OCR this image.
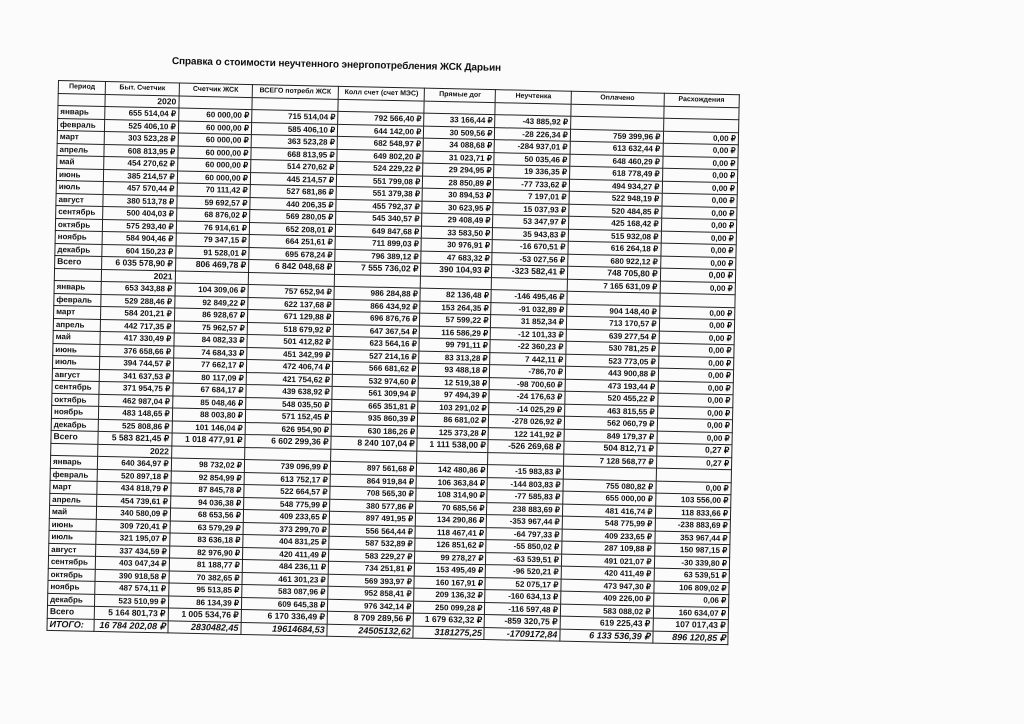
Справка о стоимости неучтенного энергопотребления ЖСК Дарьин
Период	Быт. Счетчик	Счетчик ЖСК	ВСЕГО потребл ЖСК	Колл счет (счет МЭС)	Прямые дог	Неучтенка	Оплачено	Расхождения
	2020							
январь	655 514,04 ₽	60 000,00 ₽	715 514,04 ₽	792 566,40 ₽	33 166,44 ₽	-43 885,92 ₽		
февраль	525 406,10 ₽	60 000,00 ₽	585 406,10 ₽	644 142,00 ₽	30 509,56 ₽	-28 226,34 ₽	759 399,96 ₽	0,00 ₽
март	303 523,28 ₽	60 000,00 ₽	363 523,28 ₽	682 548,97 ₽	34 088,68 ₽	-284 937,01 ₽	613 632,44 ₽	0,00 ₽
апрель	608 813,95 ₽	60 000,00 ₽	668 813,95 ₽	649 802,20 ₽	31 023,71 ₽	50 035,46 ₽	648 460,29 ₽	0,00 ₽
май	454 270,62 ₽	60 000,00 ₽	514 270,62 ₽	524 229,22 ₽	29 294,95 ₽	19 336,35 ₽	618 778,49 ₽	0,00 ₽
июнь	385 214,57 ₽	60 000,00 ₽	445 214,57 ₽	551 799,08 ₽	28 850,89 ₽	-77 733,62 ₽	494 934,27 ₽	0,00 ₽
июль	457 570,44 ₽	70 111,42 ₽	527 681,86 ₽	551 379,38 ₽	30 894,53 ₽	7 197,01 ₽	522 948,19 ₽	0,00 ₽
август	380 513,78 ₽	59 692,57 ₽	440 206,35 ₽	455 792,37 ₽	30 623,95 ₽	15 037,93 ₽	520 484,85 ₽	0,00 ₽
сентябрь	500 404,03 ₽	68 876,02 ₽	569 280,05 ₽	545 340,57 ₽	29 408,49 ₽	53 347,97 ₽	425 168,42 ₽	0,00 ₽
октябрь	575 293,40 ₽	76 914,61 ₽	652 208,01 ₽	649 847,68 ₽	33 583,50 ₽	35 943,83 ₽	515 932,08 ₽	0,00 ₽
ноябрь	584 904,46 ₽	79 347,15 ₽	664 251,61 ₽	711 899,03 ₽	30 976,91 ₽	-16 670,51 ₽	616 264,18 ₽	0,00 ₽
декабрь	604 150,23 ₽	91 528,01 ₽	695 678,24 ₽	796 389,12 ₽	47 683,32 ₽	-53 027,56 ₽	680 922,12 ₽	0,00 ₽
Всего	6 035 578,90 ₽	806 469,78 ₽	6 842 048,68 ₽	7 555 736,02 ₽	390 104,93 ₽	-323 582,41 ₽	748 705,80 ₽	0,00 ₽
	2021						7 165 631,09 ₽	0,00 ₽
январь	653 343,88 ₽	104 309,06 ₽	757 652,94 ₽	986 284,88 ₽	82 136,48 ₽	-146 495,46 ₽		
февраль	529 288,46 ₽	92 849,22 ₽	622 137,68 ₽	866 434,92 ₽	153 264,35 ₽	-91 032,89 ₽	904 148,40 ₽	0,00 ₽
март	584 201,21 ₽	86 928,67 ₽	671 129,88 ₽	696 876,76 ₽	57 599,22 ₽	31 852,34 ₽	713 170,57 ₽	0,00 ₽
апрель	442 717,35 ₽	75 962,57 ₽	518 679,92 ₽	647 367,54 ₽	116 586,29 ₽	-12 101,33 ₽	639 277,54 ₽	0,00 ₽
май	417 330,49 ₽	84 082,33 ₽	501 412,82 ₽	623 564,16 ₽	99 791,11 ₽	-22 360,23 ₽	530 781,25 ₽	0,00 ₽
июнь	376 658,66 ₽	74 684,33 ₽	451 342,99 ₽	527 214,16 ₽	83 313,28 ₽	7 442,11 ₽	523 773,05 ₽	0,00 ₽
июль	394 744,57 ₽	77 662,17 ₽	472 406,74 ₽	566 681,62 ₽	93 488,18 ₽	-786,70 ₽	443 900,88 ₽	0,00 ₽
август	341 637,53 ₽	80 117,09 ₽	421 754,62 ₽	532 974,60 ₽	12 519,38 ₽	-98 700,60 ₽	473 193,44 ₽	0,00 ₽
сентябрь	371 954,75 ₽	67 684,17 ₽	439 638,92 ₽	561 309,94 ₽	97 494,39 ₽	-24 176,63 ₽	520 455,22 ₽	0,00 ₽
октябрь	462 987,04 ₽	85 048,46 ₽	548 035,50 ₽	665 351,81 ₽	103 291,02 ₽	-14 025,29 ₽	463 815,55 ₽	0,00 ₽
ноябрь	483 148,65 ₽	88 003,80 ₽	571 152,45 ₽	935 860,39 ₽	86 681,02 ₽	-278 026,92 ₽	562 060,79 ₽	0,00 ₽
декабрь	525 808,86 ₽	101 146,04 ₽	626 954,90 ₽	630 186,26 ₽	125 373,28 ₽	122 141,92 ₽	849 179,37 ₽	0,00 ₽
Всего	5 583 821,45 ₽	1 018 477,91 ₽	6 602 299,36 ₽	8 240 107,04 ₽	1 111 538,00 ₽	-526 269,68 ₽	504 812,71 ₽	0,27 ₽
	2022						7 128 568,77 ₽	0,27 ₽
январь	640 364,97 ₽	98 732,02 ₽	739 096,99 ₽	897 561,68 ₽	142 480,86 ₽	-15 983,83 ₽		
февраль	520 897,18 ₽	92 854,99 ₽	613 752,17 ₽	864 919,84 ₽	106 363,84 ₽	-144 803,83 ₽	755 080,82 ₽	0,00 ₽
март	434 818,79 ₽	87 845,78 ₽	522 664,57 ₽	708 565,30 ₽	108 314,90 ₽	-77 585,83 ₽	655 000,00 ₽	103 556,00 ₽
апрель	454 739,61 ₽	94 036,38 ₽	548 775,99 ₽	380 577,86 ₽	70 685,56 ₽	238 883,69 ₽	481 416,74 ₽	118 833,66 ₽
май	340 580,09 ₽	68 653,56 ₽	409 233,65 ₽	897 491,95 ₽	134 290,86 ₽	-353 967,44 ₽	548 775,99 ₽	-238 883,69 ₽
июнь	309 720,41 ₽	63 579,29 ₽	373 299,70 ₽	556 564,44 ₽	118 467,41 ₽	-64 797,33 ₽	409 233,65 ₽	353 967,44 ₽
июль	321 195,07 ₽	83 636,18 ₽	404 831,25 ₽	587 532,89 ₽	126 851,62 ₽	-55 850,02 ₽	287 109,88 ₽	150 987,15 ₽
август	337 434,59 ₽	82 976,90 ₽	420 411,49 ₽	583 229,27 ₽	99 278,27 ₽	-63 539,51 ₽	491 021,07 ₽	-30 339,80 ₽
сентябрь	403 047,34 ₽	81 188,77 ₽	484 236,11 ₽	734 251,81 ₽	153 495,49 ₽	-96 520,21 ₽	420 411,49 ₽	63 539,51 ₽
октябрь	390 918,58 ₽	70 382,65 ₽	461 301,23 ₽	569 393,97 ₽	160 167,91 ₽	52 075,17 ₽	473 947,30 ₽	106 809,02 ₽
ноябрь	487 574,11 ₽	95 513,85 ₽	583 087,96 ₽	952 858,41 ₽	209 136,32 ₽	-160 634,13 ₽	409 226,00 ₽	0,06 ₽
декабрь	523 510,99 ₽	86 134,39 ₽	609 645,38 ₽	976 342,14 ₽	250 099,28 ₽	-116 597,48 ₽	583 088,02 ₽	160 634,07 ₽
Всего	5 164 801,73 ₽	1 005 534,76 ₽	6 170 336,49 ₽	8 709 289,56 ₽	1 679 632,32 ₽	-859 320,75 ₽	619 225,43 ₽	107 017,43 ₽
ИТОГО:	16 784 202,08 ₽	2830482,45	19614684,53	24505132,62	3181275,25	-1709172,84	6 133 536,39 ₽	896 120,85 ₽
